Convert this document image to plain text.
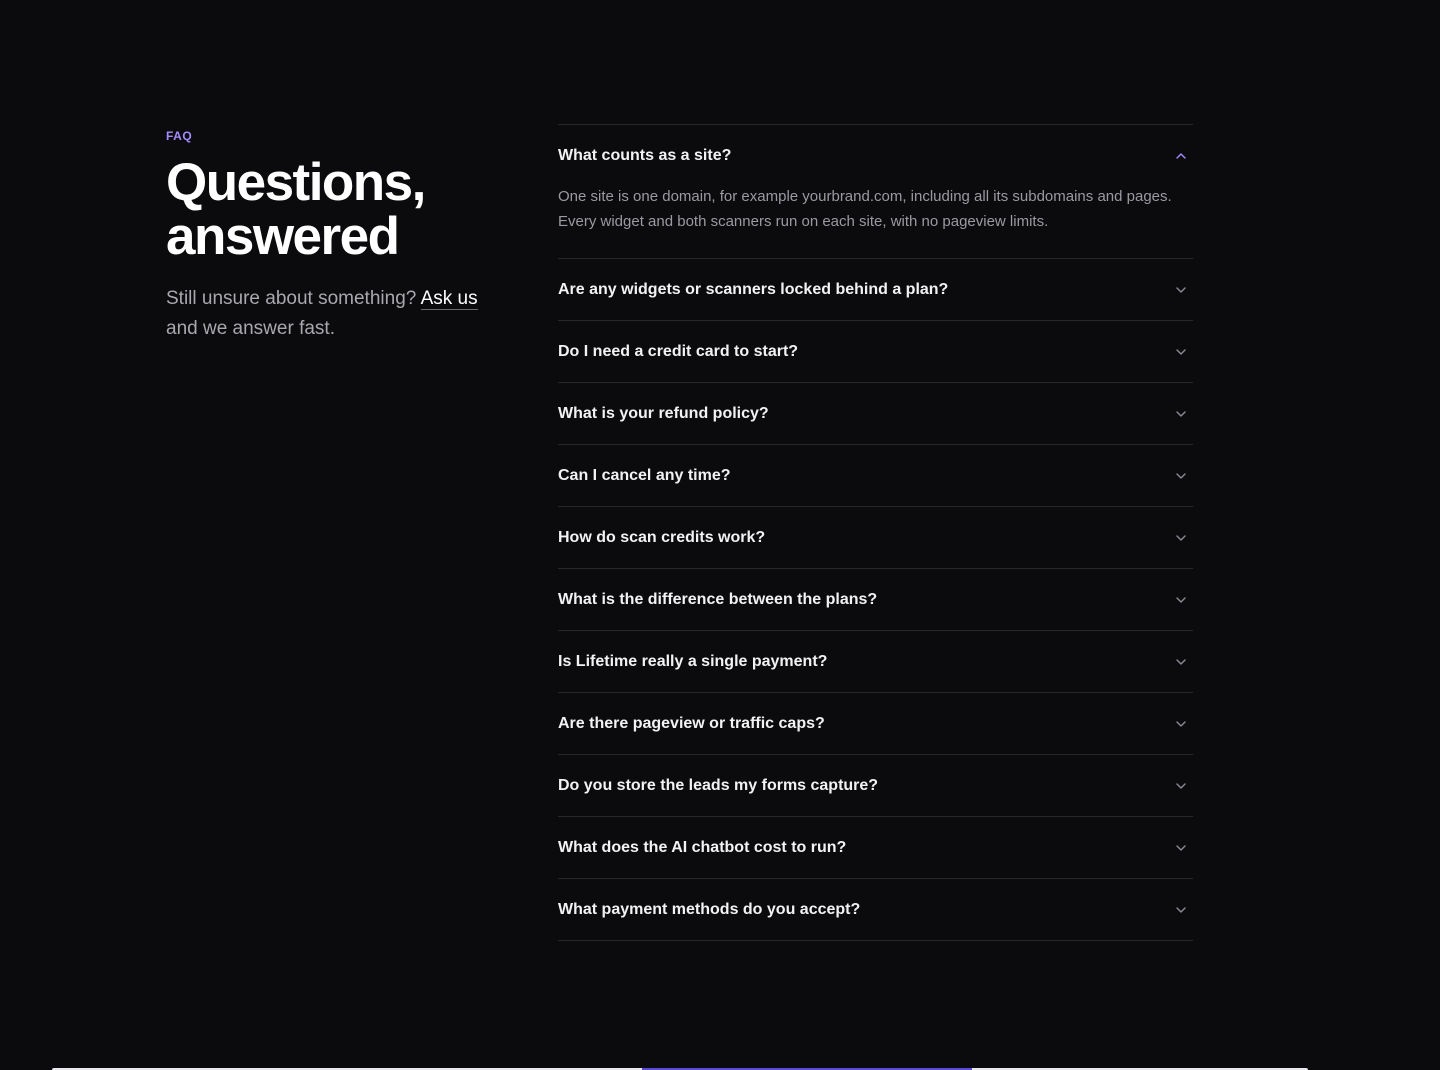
FAQ
Questions,
answered
Still unsure about something? Ask us
and we answer fast.
What counts as a site?
One site is one domain, for example yourbrand.com, including all its subdomains and pages. Every widget and both scanners run on each site, with no pageview limits.
Are any widgets or scanners locked behind a plan?
Do I need a credit card to start?
What is your refund policy?
Can I cancel any time?
How do scan credits work?
What is the difference between the plans?
Is Lifetime really a single payment?
Are there pageview or traffic caps?
Do you store the leads my forms capture?
What does the AI chatbot cost to run?
What payment methods do you accept?
